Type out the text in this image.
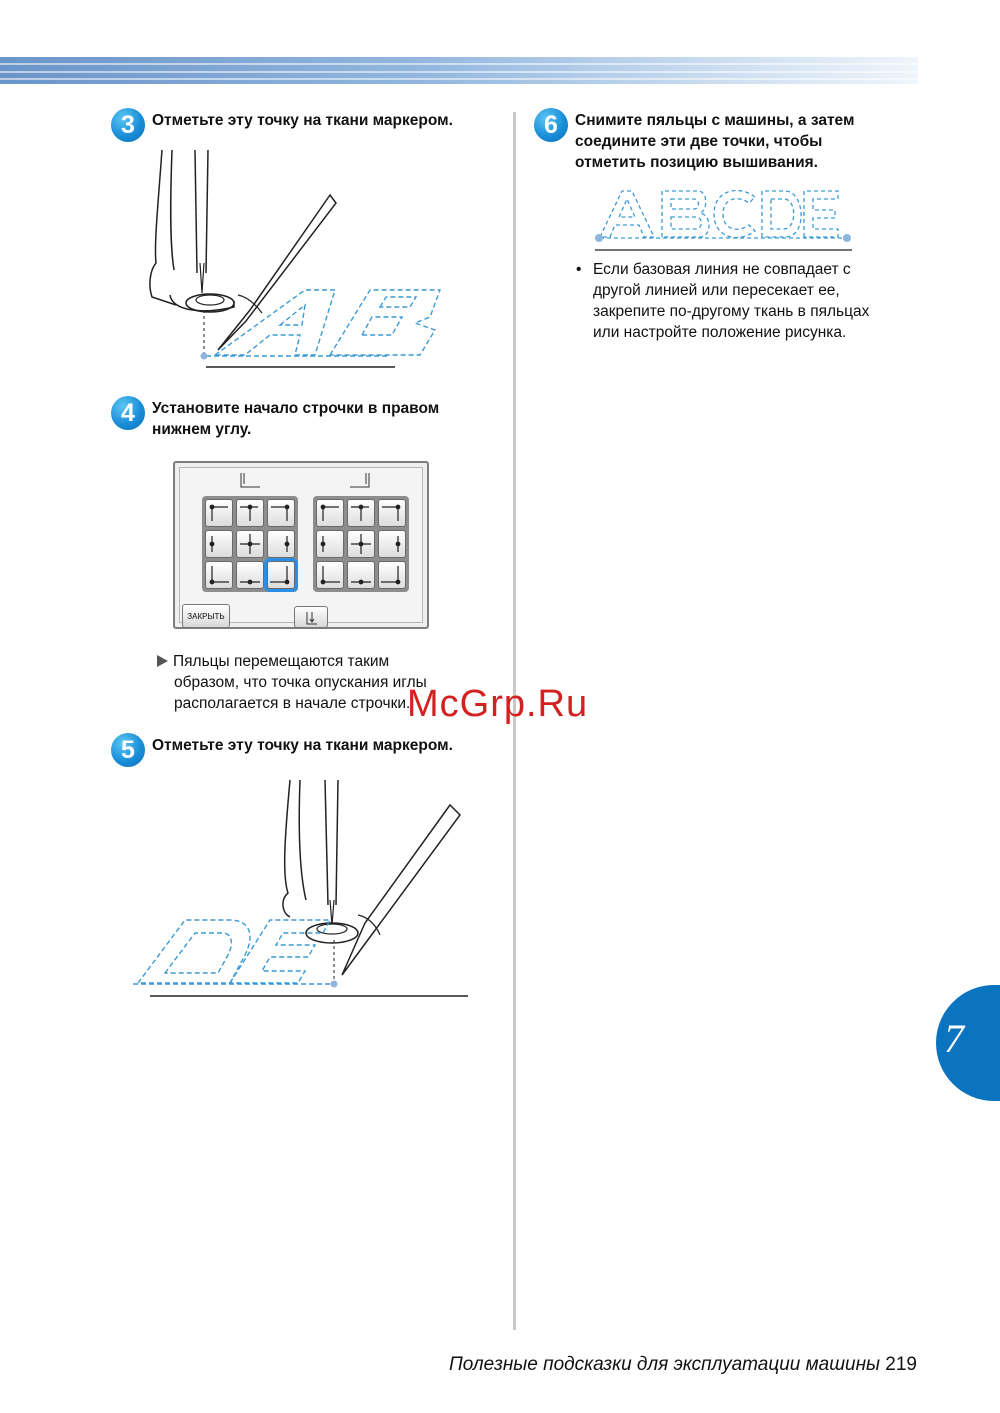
3	Отметьте эту точку на ткани маркером.
4	Установите начало строчки в правом
нижнем углу.
ЗАКРЫТЬ
Пяльцы перемещаются таким
образом, что точка опускания иглы
располагается в начале строчки.
McGrp.Ru
5	Отметьте эту точку на ткани маркером.
6	Снимите пяльцы с машины, а затем
соедините эти две точки, чтобы
отметить позицию вышивания.
• Если базовая линия не совпадает с
другой линией или пересекает ее,
закрепите по-другому ткань в пяльцах
или настройте положение рисунка.
7
Полезные подсказки для эксплуатации машины 219
